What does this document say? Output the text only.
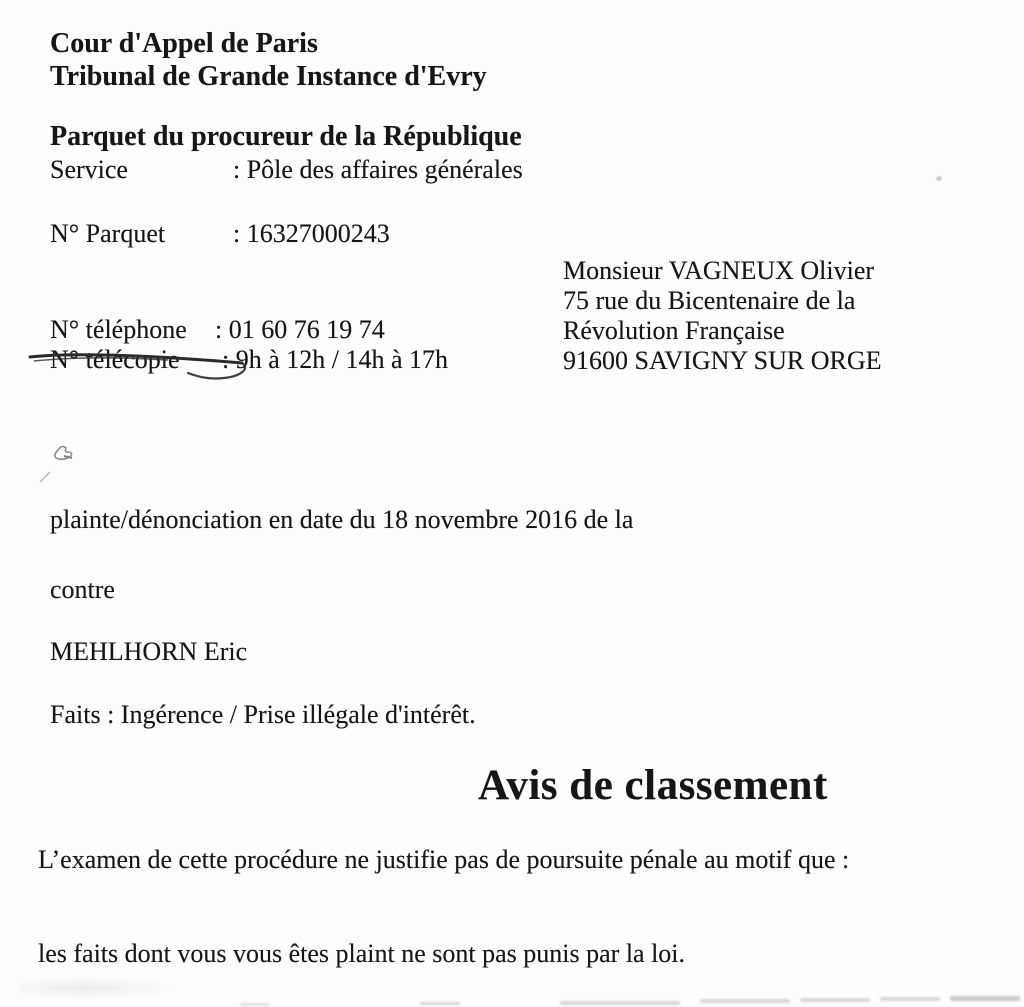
Cour d'Appel de Paris
Tribunal de Grande Instance d'Evry
Parquet du procureur de la République
Service	: Pôle des affaires générales
N° Parquet	: 16327000243
Monsieur VAGNEUX Olivier
75 rue du Bicentenaire de la
Révolution Française
91600 SAVIGNY SUR ORGE
N° téléphone	: 01 60 76 19 74
N° télécopie	: 9h à 12h / 14h à 17h
plainte/dénonciation en date du 18 novembre 2016 de la
contre
MEHLHORN Eric
Faits : Ingérence / Prise illégale d'intérêt.
Avis de classement
L’examen de cette procédure ne justifie pas de poursuite pénale au motif que :
les faits dont vous vous êtes plaint ne sont pas punis par la loi.
